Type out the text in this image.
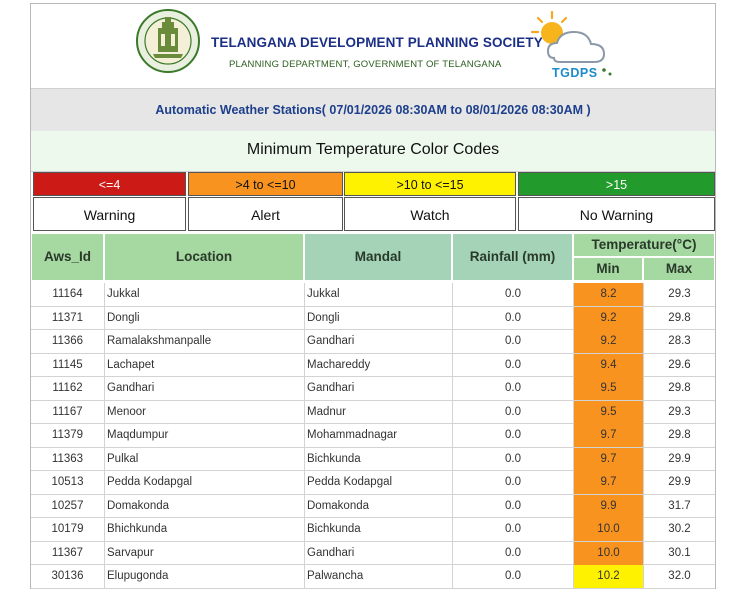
TELANGANA DEVELOPMENT PLANNING SOCIETY
PLANNING DEPARTMENT, GOVERNMENT OF TELANGANA
TGDPS
Automatic Weather Stations( 07/01/2026 08:30AM to 08/01/2026 08:30AM )
Minimum Temperature Color Codes
<=4	>4 to <=10	>10 to <=15	>15
Warning	Alert	Watch	No Warning
Aws_Id	Location	Mandal	Rainfall (mm)
Temperature(°C)
Min	Max
11164	Jukkal	Jukkal	0.0	8.2	29.3
11371	Dongli	Dongli	0.0	9.2	29.8
11366	Ramalakshmanpalle	Gandhari	0.0	9.2	28.3
11145	Lachapet	Machareddy	0.0	9.4	29.6
11162	Gandhari	Gandhari	0.0	9.5	29.8
11167	Menoor	Madnur	0.0	9.5	29.3
11379	Maqdumpur	Mohammadnagar	0.0	9.7	29.8
11363	Pulkal	Bichkunda	0.0	9.7	29.9
10513	Pedda Kodapgal	Pedda Kodapgal	0.0	9.7	29.9
10257	Domakonda	Domakonda	0.0	9.9	31.7
10179	Bhichkunda	Bichkunda	0.0	10.0	30.2
11367	Sarvapur	Gandhari	0.0	10.0	30.1
30136	Elupugonda	Palwancha	0.0	10.2	32.0
